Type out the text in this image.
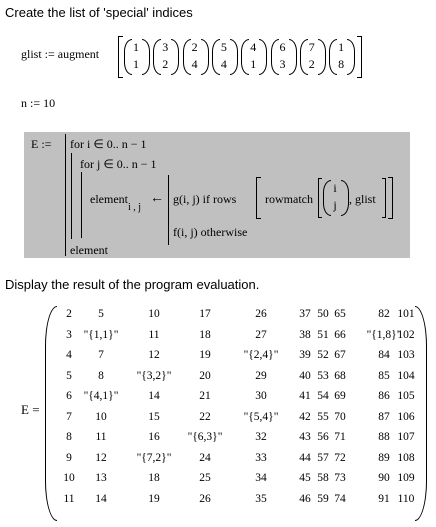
Create the list of 'special' indices
glist := augment	1
1
3
2
2
4
5
4
4
1
6
3
7
2
1
8
n := 10
E := for i ∈ 0.. n − 1
for j ∈ 0.. n − 1
element
i , j
← g(i, j) if rows rowmatch
i
j	, glist
f(i, j) otherwise
element
Display the result of the program evaluation.
E =
2 5	10	17	26	37 50 65	82 101
3 "{1,1}"	11	18	27	38 51 66 "{1,8}"
102
4 7	12	19	"{2,4}" 39 52 67	84 103
5 8	"{3,2}" 20	29	40 53 68	85 104
6 "{4,1}"	14	21	30	41 54 69	86 105
7 10	15	22	"{5,4}" 42 55 70	87 106
8 11	16 "{6,3}"	32	43 56 71	88 107
9 12	"{7,2}" 24	33	44 57 72	89 108
10 13	18	25	34	45 58 73	90 109
11 14	19	26	35	46 59 74	91 110
